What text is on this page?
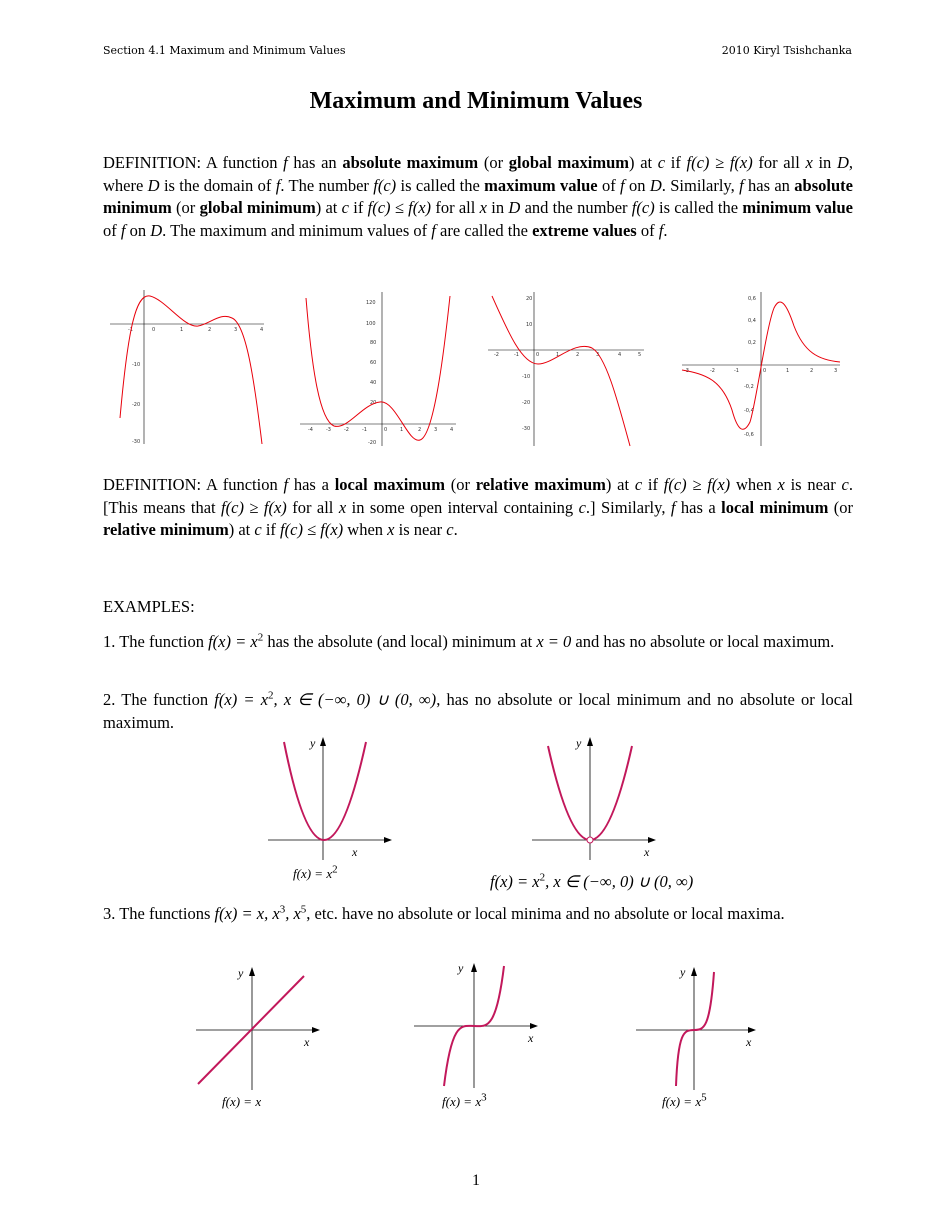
Section 4.1 Maximum and Minimum Values	2010 Kiryl Tsishchanka
Maximum and Minimum Values
DEFINITION: A function f has an absolute maximum (or global maximum) at c if f(c) ≥ f(x) for all x in D, where D is the domain of f. The number f(c) is called the maximum value of f on D. Similarly, f has an absolute minimum (or global minimum) at c if f(c) ≤ f(x) for all x in D and the number f(c) is called the minimum value of f on D. The maximum and minimum values of f are called the extreme values of f.
-10
-20
-30
-1	0	1	2	3	4
120
100
80
60
40
20
-20
-4	-3	-2	-1	0	1	2	3	4
20
10
-10
-20
-30
-2	-1	0	1	2	3	4	5
0,6
0,4
0,2
-0,2
-0,4
-0,6
-3	-2	-1	0	1	2	3
DEFINITION: A function f has a local maximum (or relative maximum) at c if f(c) ≥ f(x) when x is near c. [This means that f(c) ≥ f(x) for all x in some open interval containing c.] Similarly, f has a local minimum (or relative minimum) at c if f(c) ≤ f(x) when x is near c.
EXAMPLES:
1. The function $f(x) = x^2$ has the absolute (and local) minimum at x = 0 and has no absolute or local maximum.
2. The function $f(x) = x^2$, x ∈ (−∞, 0) ∪ (0, ∞), has no absolute or local minimum and no absolute or local maximum.
y
x
$f(x) = x^2$
y
x
$f(x) = x^2$, x ∈ (−∞, 0) ∪ (0, ∞)
3. The functions f(x) = x, $x^3$, $x^5$, etc. have no absolute or local minima and no absolute or local maxima.
y
x
f(x) = x
y
x
$f(x) = x^3$
y
x
$f(x) = x^5$
1
